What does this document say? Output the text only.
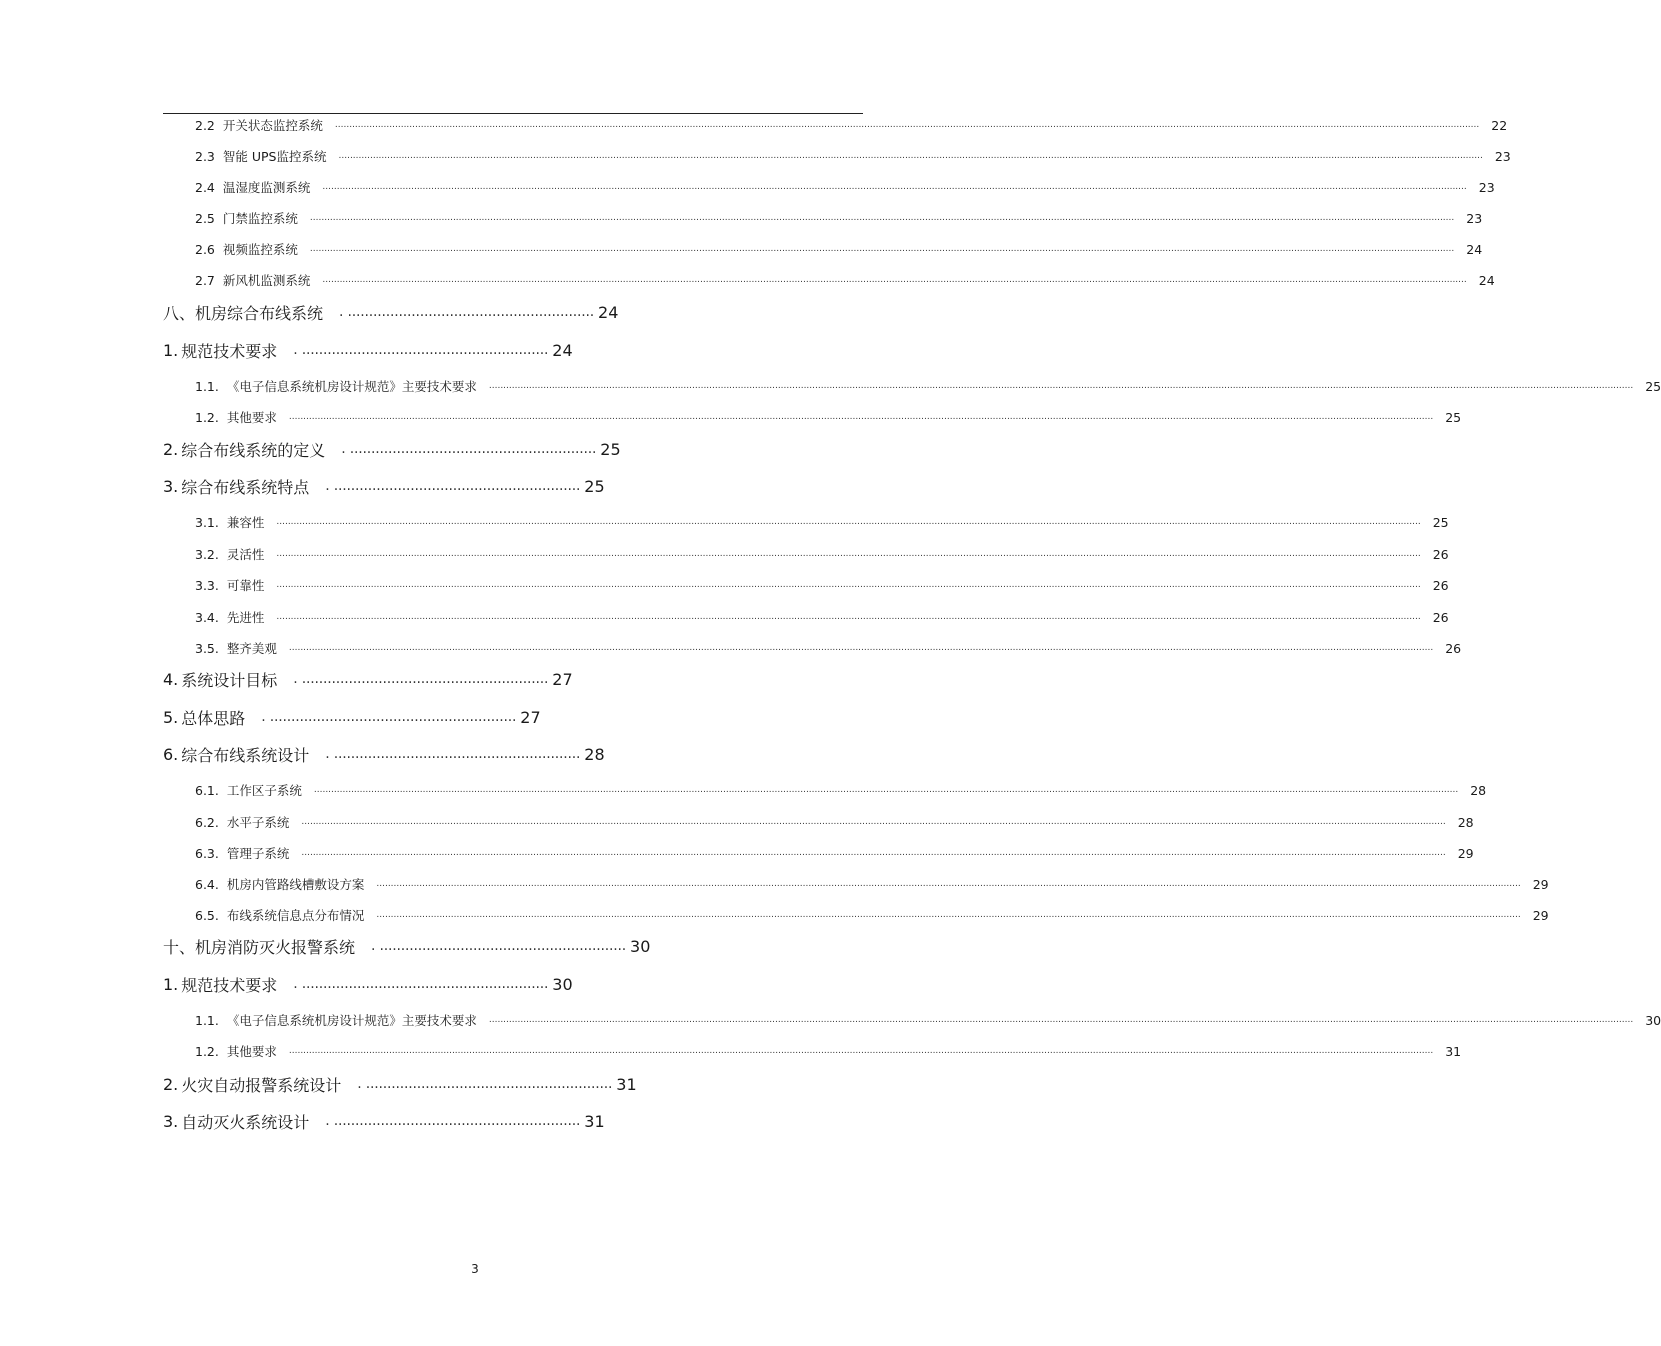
2.2 开关状态监控系统 ................................................................................................................................................................................................................................................................................................................................................................................................................ 22
2.3 智能 UPS监控系统 ................................................................................................................................................................................................................................................................................................................................................................................................................ 23
2.4 温湿度监测系统 ................................................................................................................................................................................................................................................................................................................................................................................................................ 23
2.5 门禁监控系统 ................................................................................................................................................................................................................................................................................................................................................................................................................ 23
2.6 视频监控系统 ................................................................................................................................................................................................................................................................................................................................................................................................................ 24
2.7 新风机监测系统 ................................................................................................................................................................................................................................................................................................................................................................................................................ 24
八、 机房综合布线系统 . .......................................................... 24
1. 规范技术要求 . .......................................................... 24
1.1. 《电子信息系统机房设计规范》主要技术要求 ................................................................................................................................................................................................................................................................................................................................................................................................................ 25
1.2. 其他要求 ................................................................................................................................................................................................................................................................................................................................................................................................................ 25
2. 综合布线系统的定义 . .......................................................... 25
3. 综合布线系统特点 . .......................................................... 25
3.1. 兼容性 ................................................................................................................................................................................................................................................................................................................................................................................................................ 25
3.2. 灵活性 ................................................................................................................................................................................................................................................................................................................................................................................................................ 26
3.3. 可靠性 ................................................................................................................................................................................................................................................................................................................................................................................................................ 26
3.4. 先进性 ................................................................................................................................................................................................................................................................................................................................................................................................................ 26
3.5. 整齐美观 ................................................................................................................................................................................................................................................................................................................................................................................................................ 26
4. 系统设计目标 . .......................................................... 27
5. 总体思路 . .......................................................... 27
6. 综合布线系统设计 . .......................................................... 28
6.1. 工作区子系统 ................................................................................................................................................................................................................................................................................................................................................................................................................ 28
6.2. 水平子系统 ................................................................................................................................................................................................................................................................................................................................................................................................................ 28
6.3. 管理子系统 ................................................................................................................................................................................................................................................................................................................................................................................................................ 29
6.4. 机房内管路线槽敷设方案 ................................................................................................................................................................................................................................................................................................................................................................................................................ 29
6.5. 布线系统信息点分布情况 ................................................................................................................................................................................................................................................................................................................................................................................................................ 29
十、 机房消防灭火报警系统 . .......................................................... 30
1. 规范技术要求 . .......................................................... 30
1.1. 《电子信息系统机房设计规范》主要技术要求 ................................................................................................................................................................................................................................................................................................................................................................................................................ 30
1.2. 其他要求 ................................................................................................................................................................................................................................................................................................................................................................................................................ 31
2. 火灾自动报警系统设计 . .......................................................... 31
3. 自动灭火系统设计 . .......................................................... 31
3
